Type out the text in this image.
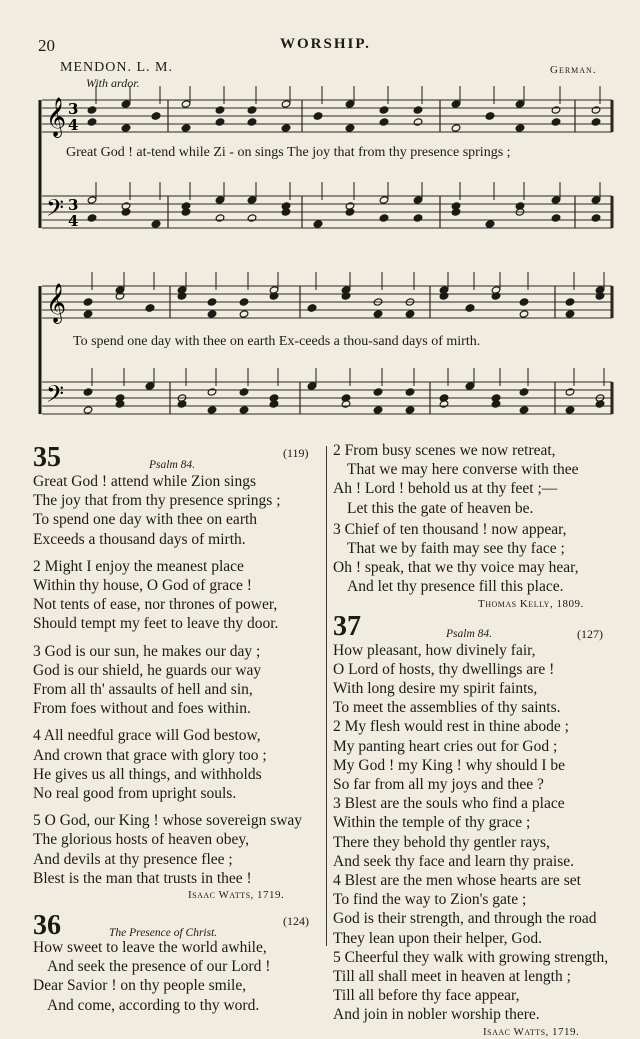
20	WORSHIP.
MENDON. L. M.
With ardor.
German.
𝄞
𝄢
3
4
3
4
𝄞
𝄢
Great God ! at-tend while Zi - on sings The joy that from thy presence springs ;
To spend one day with thee on earth Ex-ceeds a thou-sand days of mirth.
35	Psalm 84.
(119)
Great God ! attend while Zion sings
The joy that from thy presence springs ;
To spend one day with thee on earth
Exceeds a thousand days of mirth.
2 Might I enjoy the meanest place
Within thy house, O God of grace !
Not tents of ease, nor thrones of power,
Should tempt my feet to leave thy door.
3 God is our sun, he makes our day ;
God is our shield, he guards our way
From all th' assaults of hell and sin,
From foes without and foes within.
4 All needful grace will God bestow,
And crown that grace with glory too ;
He gives us all things, and withholds
No real good from upright souls.
5 O God, our King ! whose sovereign sway
The glorious hosts of heaven obey,
And devils at thy presence flee ;
Blest is the man that trusts in thee !
Isaac Watts, 1719.
36	The Presence of Christ.
(124)
How sweet to leave the world awhile,
And seek the presence of our Lord !
Dear Savior ! on thy people smile,
And come, according to thy word.
2 From busy scenes we now retreat,
That we may here converse with thee
Ah ! Lord ! behold us at thy feet ;—
Let this the gate of heaven be.
3 Chief of ten thousand ! now appear,
That we by faith may see thy face ;
Oh ! speak, that we thy voice may hear,
And let thy presence fill this place.
Thomas Kelly, 1809.
37	Psalm 84.	(127)
How pleasant, how divinely fair,
O Lord of hosts, thy dwellings are !
With long desire my spirit faints,
To meet the assemblies of thy saints.
2 My flesh would rest in thine abode ;
My panting heart cries out for God ;
My God ! my King ! why should I be
So far from all my joys and thee ?
3 Blest are the souls who find a place
Within the temple of thy grace ;
There they behold thy gentler rays,
And seek thy face and learn thy praise.
4 Blest are the men whose hearts are set
To find the way to Zion's gate ;
God is their strength, and through the road
They lean upon their helper, God.
5 Cheerful they walk with growing strength,
Till all shall meet in heaven at length ;
Till all before thy face appear,
And join in nobler worship there.
Isaac Watts, 1719.
